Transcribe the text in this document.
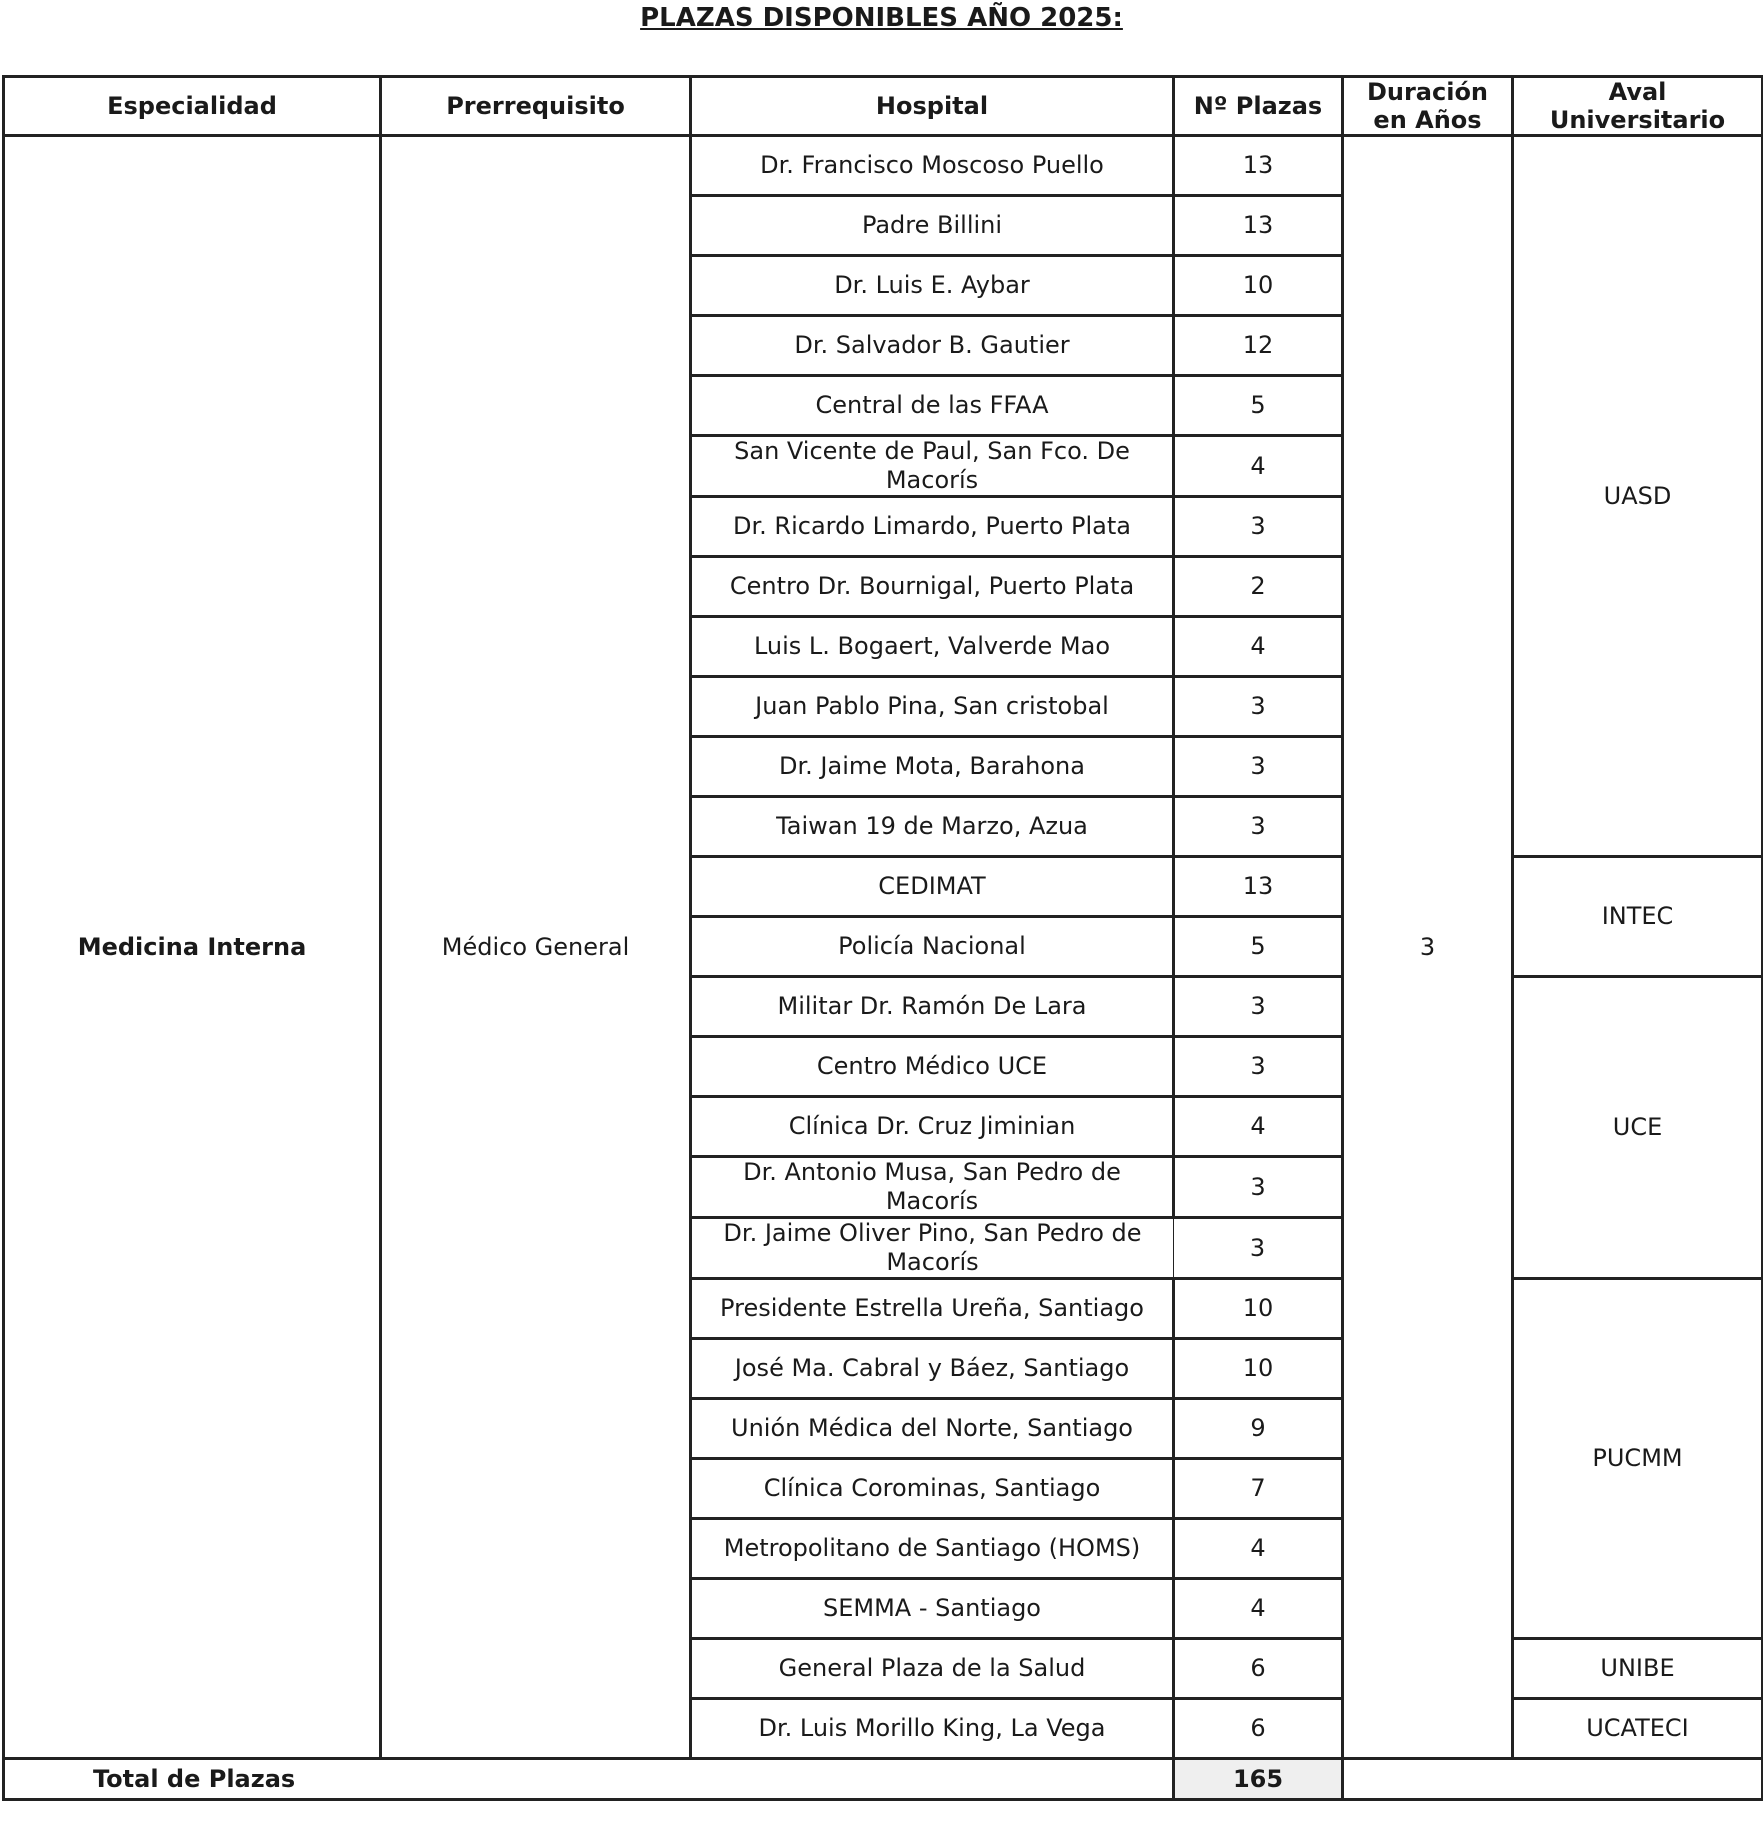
PLAZAS DISPONIBLES AÑO 2025:
Especialidad	Prerrequisito	Hospital	Nº Plazas	Duración en Años	Aval Universitario
Medicina Interna	Médico General	Dr. Francisco Moscoso Puello	13	3	UASD
		Padre Billini	13		
		Dr. Luis E. Aybar	10		
		Dr. Salvador B. Gautier	12		
		Central de las FFAA	5		
		San Vicente de Paul, San Fco. De Macorís	4		
		Dr. Ricardo Limardo, Puerto Plata	3		
		Centro Dr. Bournigal, Puerto Plata	2		
		Luis L. Bogaert, Valverde Mao	4		
		Juan Pablo Pina, San cristobal	3		
		Dr. Jaime Mota, Barahona	3		
		Taiwan 19 de Marzo, Azua	3		
		CEDIMAT	13		INTEC
		Policía Nacional	5		
		Militar Dr. Ramón De Lara	3		UCE
		Centro Médico UCE	3		
		Clínica Dr. Cruz Jiminian	4		
		Dr. Antonio Musa, San Pedro de Macorís	3		
		Dr. Jaime Oliver Pino, San Pedro de Macorís	3		
		Presidente Estrella Ureña, Santiago	10		PUCMM
		José Ma. Cabral y Báez, Santiago	10		
		Unión Médica del Norte, Santiago	9		
		Clínica Corominas, Santiago	7		
		Metropolitano de Santiago (HOMS)	4		
		SEMMA - Santiago	4		
		General Plaza de la Salud	6		UNIBE
		Dr. Luis Morillo King, La Vega	6		UCATECI
Total de Plazas			165		
